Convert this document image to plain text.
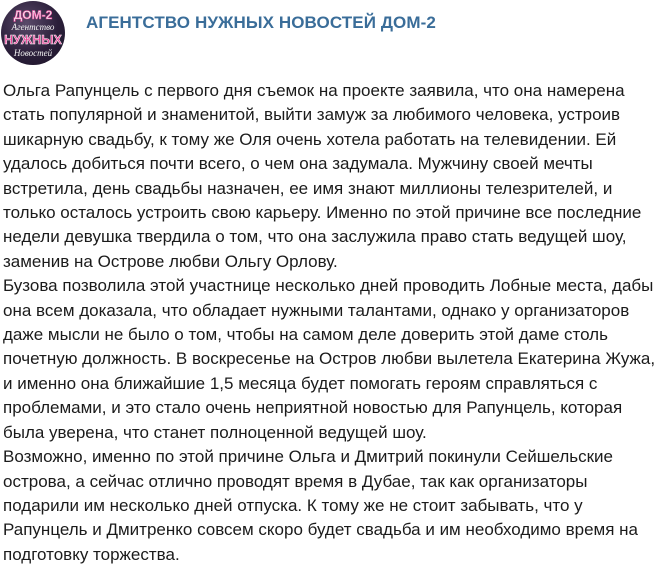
ДОМ-2
Агентство
НУЖНЫХ
Новостей
АГЕНТСТВО НУЖНЫХ НОВОСТЕЙ ДОМ-2

Ольга Рапунцель с первого дня съемок на проекте заявила, что она намерена стать популярной и знаменитой, выйти замуж за любимого человека, устроив шикарную свадьбу, к тому же Оля очень хотела работать на телевидении. Ей удалось добиться почти всего, о чем она задумала. Мужчину своей мечты встретила, день свадьбы назначен, ее имя знают миллионы телезрителей, и только осталось устроить свою карьеру. Именно по этой причине все последние недели девушка твердила о том, что она заслужила право стать ведущей шоу, заменив на Острове любви Ольгу Орлову.

Бузова позволила этой участнице несколько дней проводить Лобные места, дабы она всем доказала, что обладает нужными талантами, однако у организаторов даже мысли не было о том, чтобы на самом деле доверить этой даме столь почетную должность. В воскресенье на Остров любви вылетела Екатерина Жужа, и именно она ближайшие 1,5 месяца будет помогать героям справляться с проблемами, и это стало очень неприятной новостью для Рапунцель, которая была уверена, что станет полноценной ведущей шоу.

Возможно, именно по этой причине Ольга и Дмитрий покинули Сейшельские острова, а сейчас отлично проводят время в Дубае, так как организаторы подарили им несколько дней отпуска. К тому же не стоит забывать, что у Рапунцель и Дмитренко совсем скоро будет свадьба и им необходимо время на подготовку торжества.
